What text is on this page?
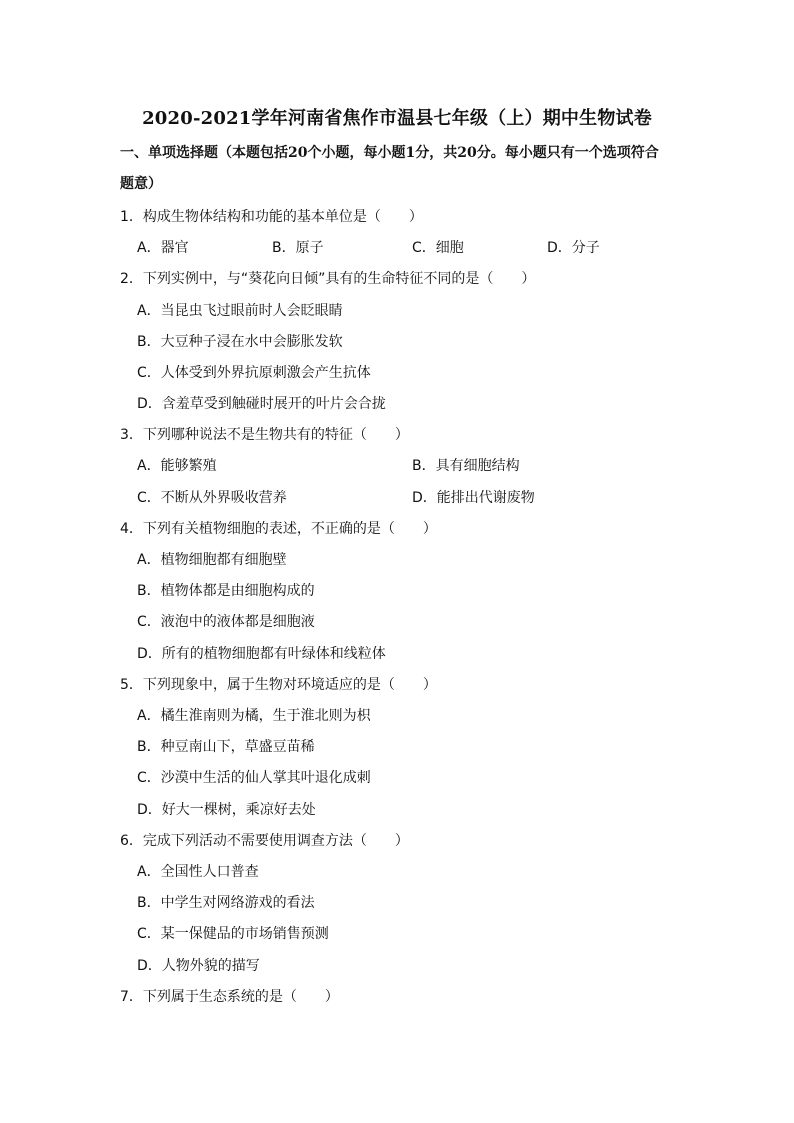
2020-2021学年河南省焦作市温县七年级（上）期中生物试卷
一、单项选择题（本题包括20个小题，每小题1分，共20分。每小题只有一个选项符合
题意）
1．构成生物体结构和功能的基本单位是（　　）
A．器官	B．原子	C．细胞	D．分子
2．下列实例中，与“葵花向日倾”具有的生命特征不同的是（　　）
A．当昆虫飞过眼前时人会眨眼睛
B．大豆种子浸在水中会膨胀发软
C．人体受到外界抗原刺激会产生抗体
D．含羞草受到触碰时展开的叶片会合拢
3．下列哪种说法不是生物共有的特征（　　）
A．能够繁殖	B．具有细胞结构
C．不断从外界吸收营养	D．能排出代谢废物
4．下列有关植物细胞的表述，不正确的是（　　）
A．植物细胞都有细胞壁
B．植物体都是由细胞构成的
C．液泡中的液体都是细胞液
D．所有的植物细胞都有叶绿体和线粒体
5．下列现象中，属于生物对环境适应的是（　　）
A．橘生淮南则为橘，生于淮北则为枳
B．种豆南山下，草盛豆苗稀
C．沙漠中生活的仙人掌其叶退化成刺
D．好大一棵树，乘凉好去处
6．完成下列活动不需要使用调查方法（　　）
A．全国性人口普查
B．中学生对网络游戏的看法
C．某一保健品的市场销售预测
D．人物外貌的描写
7．下列属于生态系统的是（　　）
